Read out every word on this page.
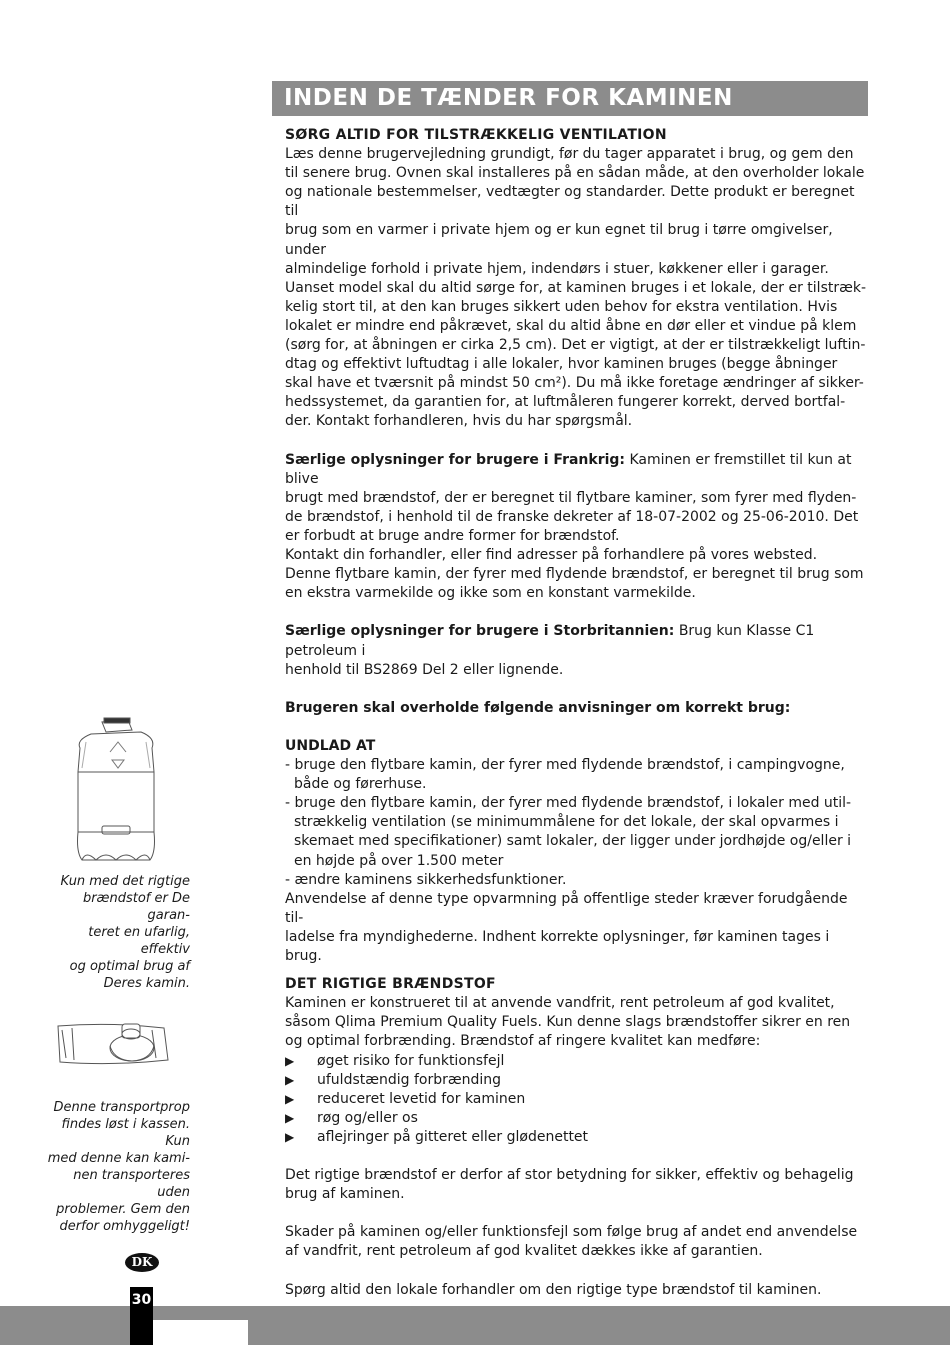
INDEN DE TÆNDER FOR KAMINEN

SØRG ALTID FOR TILSTRÆKKELIG VENTILATION

Læs denne brugervejledning grundigt, før du tager apparatet i brug, og gem den
til senere brug. Ovnen skal installeres på en sådan måde, at den overholder lokale
og nationale bestemmelser, vedtægter og standarder. Dette produkt er beregnet til
brug som en varmer i private hjem og er kun egnet til brug i tørre omgivelser, under
almindelige forhold i private hjem, indendørs i stuer, køkkener eller i garager.
Uanset model skal du altid sørge for, at kaminen bruges i et lokale, der er tilstræk-
kelig stort til, at den kan bruges sikkert uden behov for ekstra ventilation. Hvis
lokalet er mindre end påkrævet, skal du altid åbne en dør eller et vindue på klem
(sørg for, at åbningen er cirka 2,5 cm). Det er vigtigt, at der er tilstrækkeligt luftin-
dtag og effektivt luftudtag i alle lokaler, hvor kaminen bruges (begge åbninger
skal have et tværsnit på mindst 50 cm²). Du må ikke foretage ændringer af sikker-
hedssystemet, da garantien for, at luftmåleren fungerer korrekt, derved bortfal-
der. Kontakt forhandleren, hvis du har spørgsmål.

Særlige oplysninger for brugere i Frankrig: Kaminen er fremstillet til kun at blive

brugt med brændstof, der er beregnet til flytbare kaminer, som fyrer med flyden-
de brændstof, i henhold til de franske dekreter af 18-07-2002 og 25-06-2010. Det
er forbudt at bruge andre former for brændstof.
Kontakt din forhandler, eller find adresser på forhandlere på vores websted.
Denne flytbare kamin, der fyrer med flydende brændstof, er beregnet til brug som
en ekstra varmekilde og ikke som en konstant varmekilde.

Særlige oplysninger for brugere i Storbritannien: Brug kun Klasse C1 petroleum i

henhold til BS2869 Del 2 eller lignende.

Brugeren skal overholde følgende anvisninger om korrekt brug:

UNDLAD AT

- bruge den flytbare kamin, der fyrer med flydende brændstof, i campingvogne,
både og førerhuse.
- bruge den flytbare kamin, der fyrer med flydende brændstof, i lokaler med util-
strækkelig ventilation (se minimummålene for det lokale, der skal opvarmes i
skemaet med specifikationer) samt lokaler, der ligger under jordhøjde og/eller i
en højde på over 1.500 meter
- ændre kaminens sikkerhedsfunktioner.
Anvendelse af denne type opvarmning på offentlige steder kræver forudgående til-
ladelse fra myndighederne. Indhent korrekte oplysninger, før kaminen tages i brug.

DET RIGTIGE BRÆNDSTOF

Kaminen er konstrueret til at anvende vandfrit, rent petroleum af god kvalitet,
såsom Qlima Premium Quality Fuels. Kun denne slags brændstoffer sikrer en ren
og optimal forbrænding. Brændstof af ringere kvalitet kan medføre:
▶	øget risiko for funktionsfejl
▶	ufuldstændig forbrænding
▶	reduceret levetid for kaminen
▶	røg og/eller os
▶	aflejringer på gitteret eller glødenettet
Det rigtige brændstof er derfor af stor betydning for sikker, effektiv og behagelig
brug af kaminen.
Skader på kaminen og/eller funktionsfejl som følge brug af andet end anvendelse
af vandfrit, rent petroleum af god kvalitet dækkes ikke af garantien.
Spørg altid den lokale forhandler om den rigtige type brændstof til kaminen.
Kun med det rigtige
brændstof er De garan-
teret en ufarlig, effektiv
og optimal brug af
Deres kamin.
Denne transportprop
findes løst i kassen. Kun
med denne kan kami-
nen transporteres uden
problemer. Gem den
derfor omhyggeligt!
DK
30
